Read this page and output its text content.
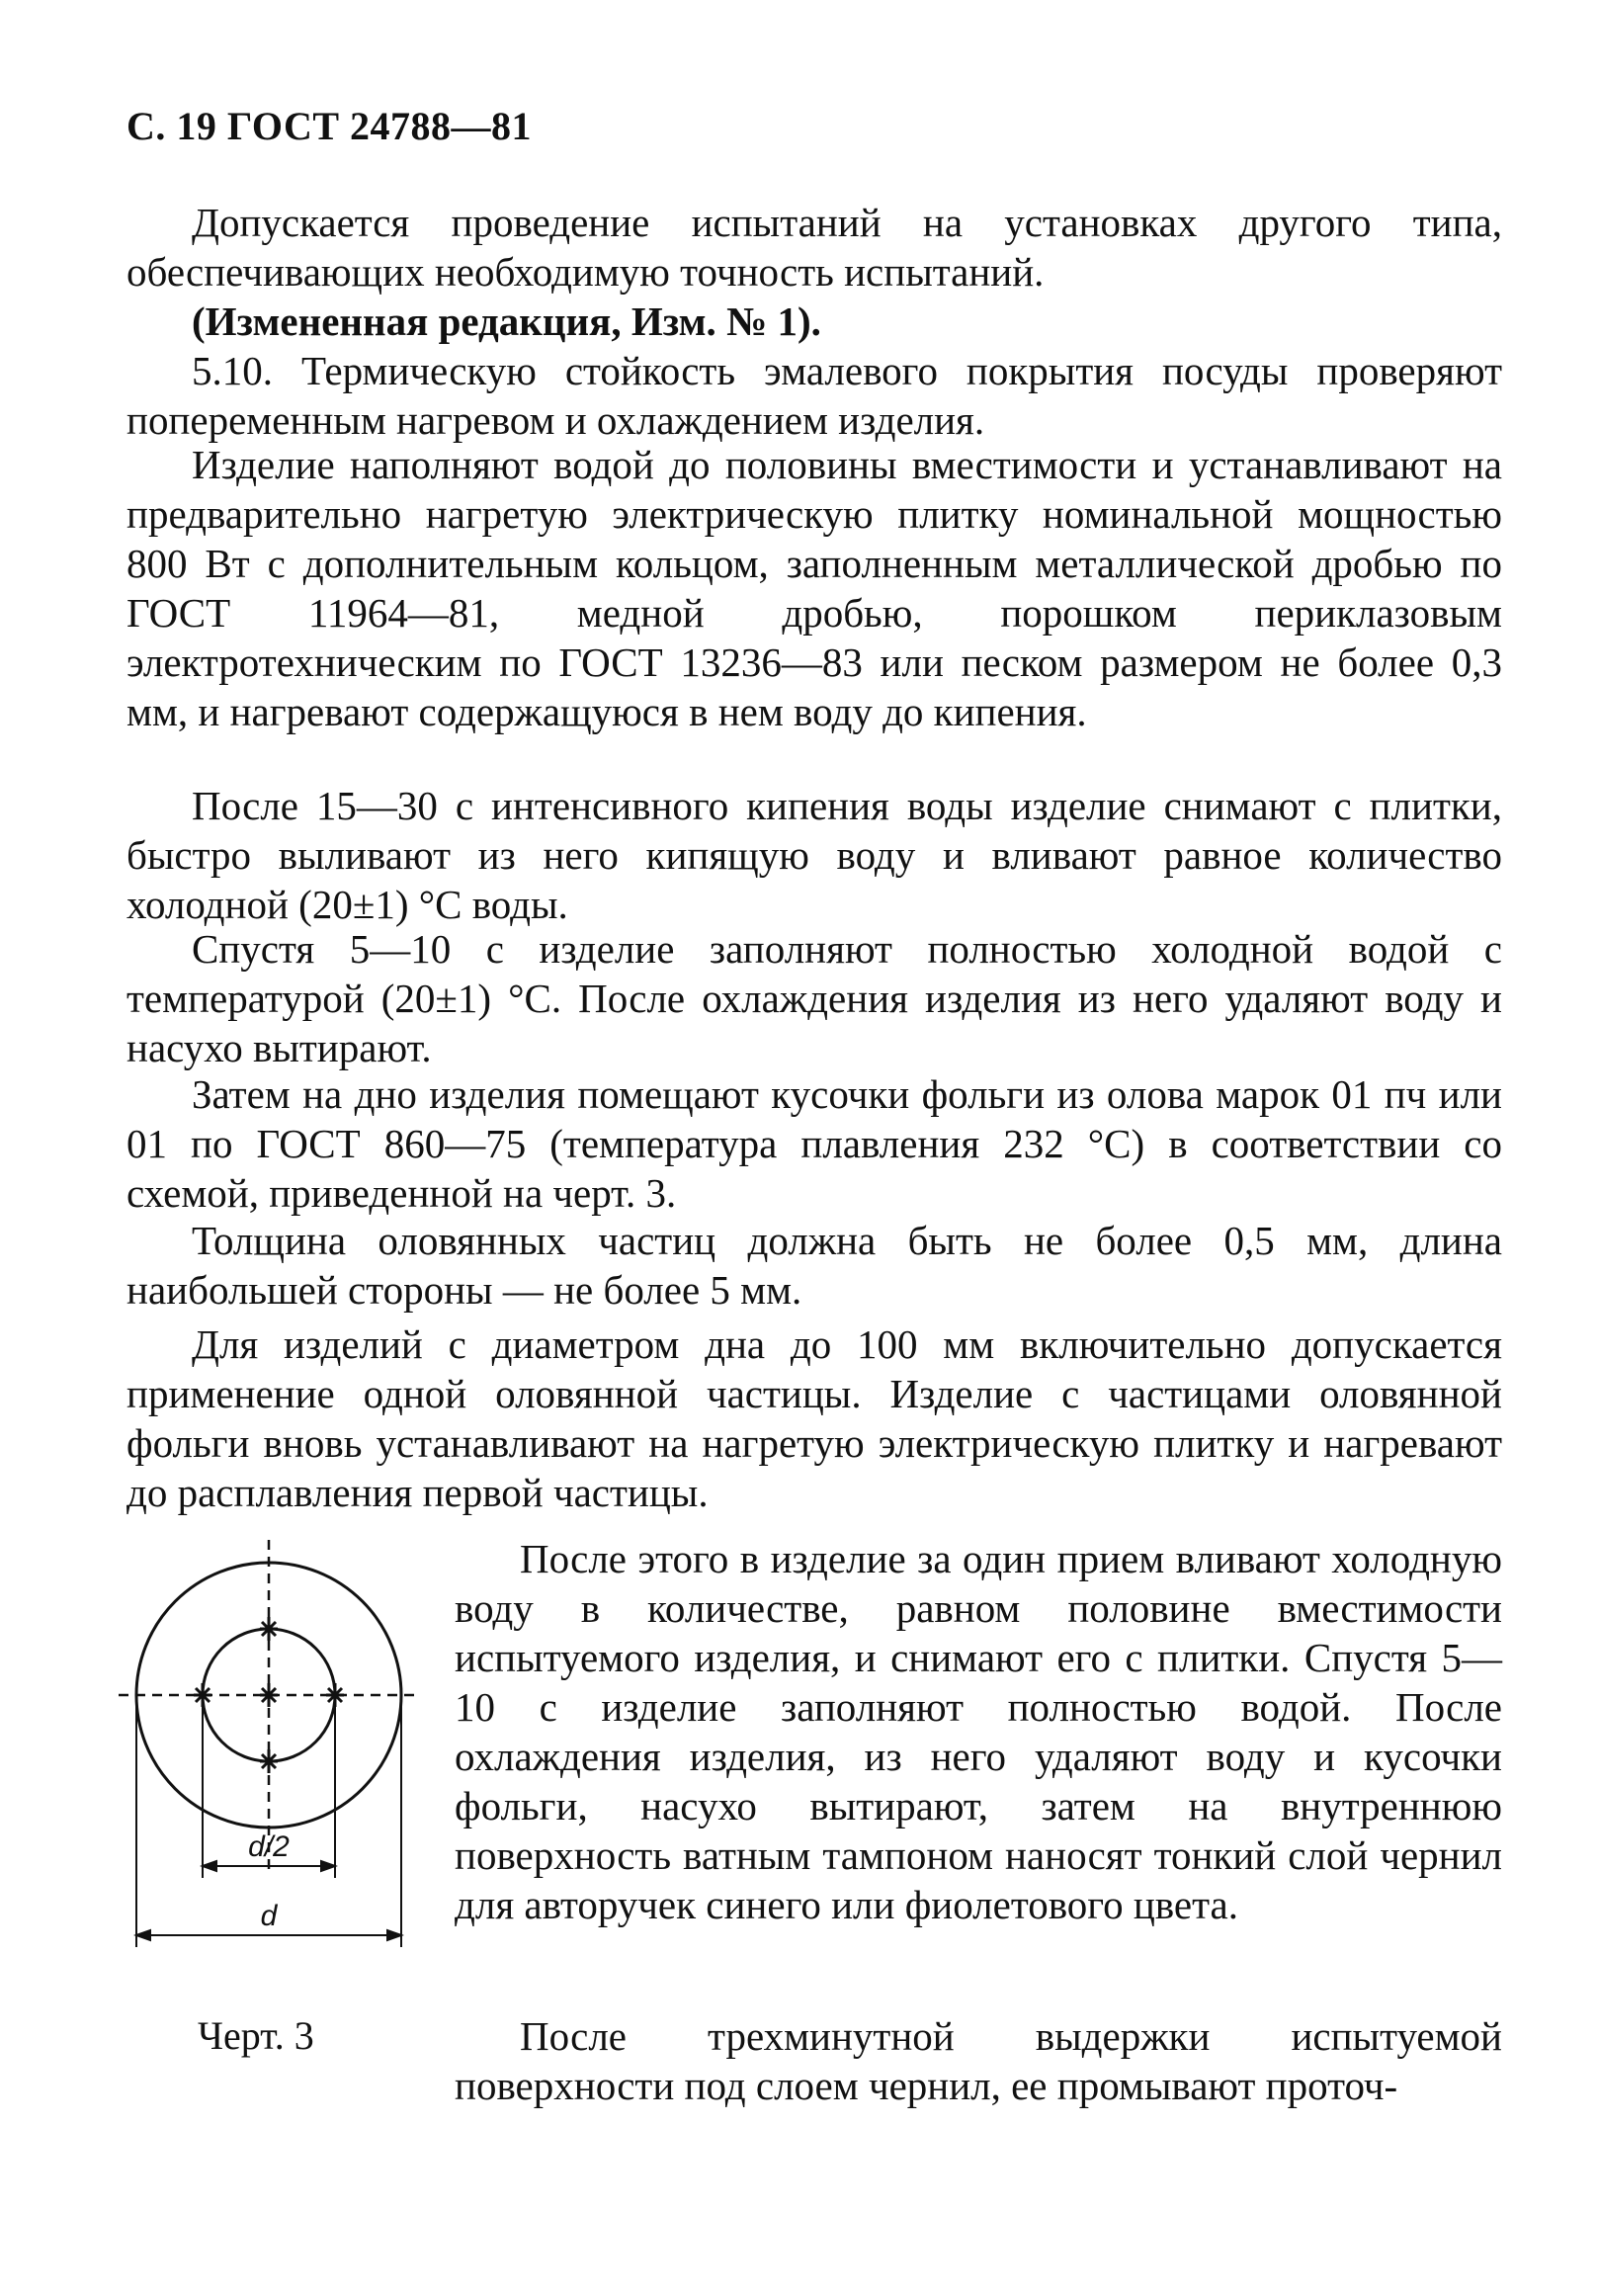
С. 19 ГОСТ 24788—81

Допускается проведение испытаний на установках другого типа, обеспечивающих необходимую точность испытаний.

(Измененная редакция, Изм. № 1).

5.10. Термическую стойкость эмалевого покрытия посуды проверяют попеременным нагревом и охлаждением изделия.

Изделие наполняют водой до половины вместимости и устанавливают на предварительно нагретую электрическую плитку номинальной мощностью 800 Вт с дополнительным кольцом, заполненным металлической дробью по ГОСТ 11964—81, медной дробью, порошком периклазовым электротехническим по ГОСТ 13236—83 или песком размером не более 0,3 мм, и нагревают содержащуюся в нем воду до кипения.

После 15—30 с интенсивного кипения воды изделие снимают с плитки, быстро выливают из него кипящую воду и вливают равное количество холодной (20±1) °С воды.

Спустя 5—10 с изделие заполняют полностью холодной водой с температурой (20±1) °С. После охлаждения изделия из него удаляют воду и насухо вытирают.

Затем на дно изделия помещают кусочки фольги из олова марок 01 пч или 01 по ГОСТ 860—75 (температура плавления 232 °С) в соответствии со схемой, приведенной на черт. 3.

Толщина оловянных частиц должна быть не более 0,5 мм, длина наибольшей стороны — не более 5 мм.

Для изделий с диаметром дна до 100 мм включительно допускается применение одной оловянной частицы. Изделие с частицами оловянной фольги вновь устанавливают на нагретую электрическую плитку и нагревают до расплавления первой частицы.

После этого в изделие за один прием вливают холодную воду в количестве, равном половине вместимости испытуемого изделия, и снимают его с плитки. Спустя 5—10 с изделие заполняют полностью водой. После охлаждения изделия, из него удаляют воду и кусочки фольги, насухо вытирают, затем на внутреннюю поверхность ватным тампоном наносят тонкий слой чернил для авторучек синего или фиолетового цвета.

После трехминутной выдержки испытуемой поверхности под слоем чернил, ее промывают проточ-

d/2
d
Черт. 3
